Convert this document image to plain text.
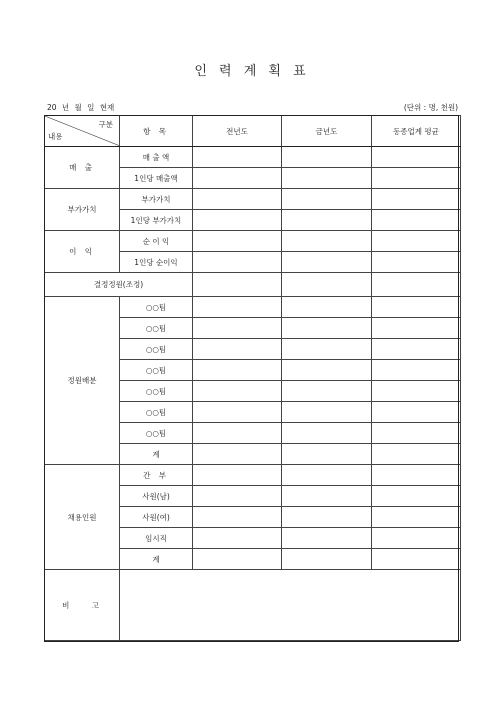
인 력 계 획 표
20 년 월 일 현재	(단위 : 명, 천원)
구분
내용	항 목	전년도	금년도	동종업계 평균
매 출	매 출 액			
	1인당 매출액			
부가가치	부가가치			
	1인당 부가가치			
이 익	순 이 익			
	1인당 순이익			
결정정원(조정)				
정원배분	○○팀			
	○○팀			
	○○팀			
	○○팀			
	○○팀			
	○○팀			
	○○팀			
	계			
채용인원	간 부			
	사원(남)			
	사원(여)			
	임시직			
	계			
비 고				
